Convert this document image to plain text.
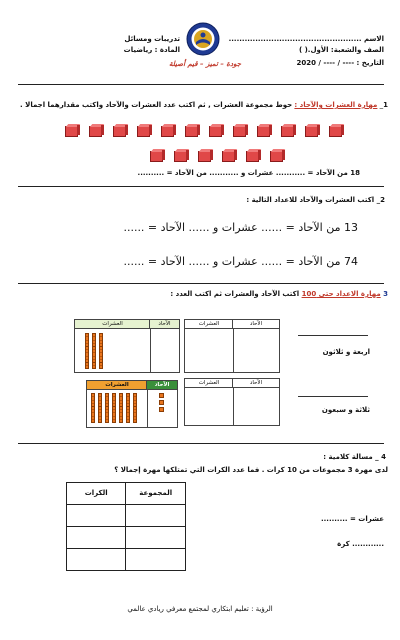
تدريبات ومسائل
المادة : رياضيات
جودة – تميز – قيم أصيلة
الاسم ..................................................
الصف والشعبة: الأول.( )
التاريخ : ---- / ---- / 2020
1_ مهارة العشرات والآحاد : حوط مجموعة العشرات , ثم اكتب عدد العشرات والآحاد واكتب مقدارهما اجمالا .
18 من الآحاد = ........... عشرات و ........... من الآحاد = ..........
2_ اكتب العشرات والآحاد للاعداد التالية :
13 من الآحاد = ...... عشرات و ...... الآحاد = ......
74 من الآحاد = ...... عشرات و ...... الآحاد = ......
3 مهارة الاعداد حتى 100 اكتب الآحاد والعشرات ثم اكتب العدد :
العشرات	الآحاد	العشرات	الآحاد
اربعة و ثلاثون
العشرات	الآحاد	العشرات	الآحاد
ثلاثة و سبعون
4 _ مسالة كلامية :
لدى مهرة 3 مجموعات من 10 كرات . فما عدد الكرات التي تمتلكها مهرة إجمالا ؟
الكرات	المجموعة

عشرات = ..........
............ كرة
الرؤية : تعليم ابتكاري لمجتمع معرفي ريادي عالمي
